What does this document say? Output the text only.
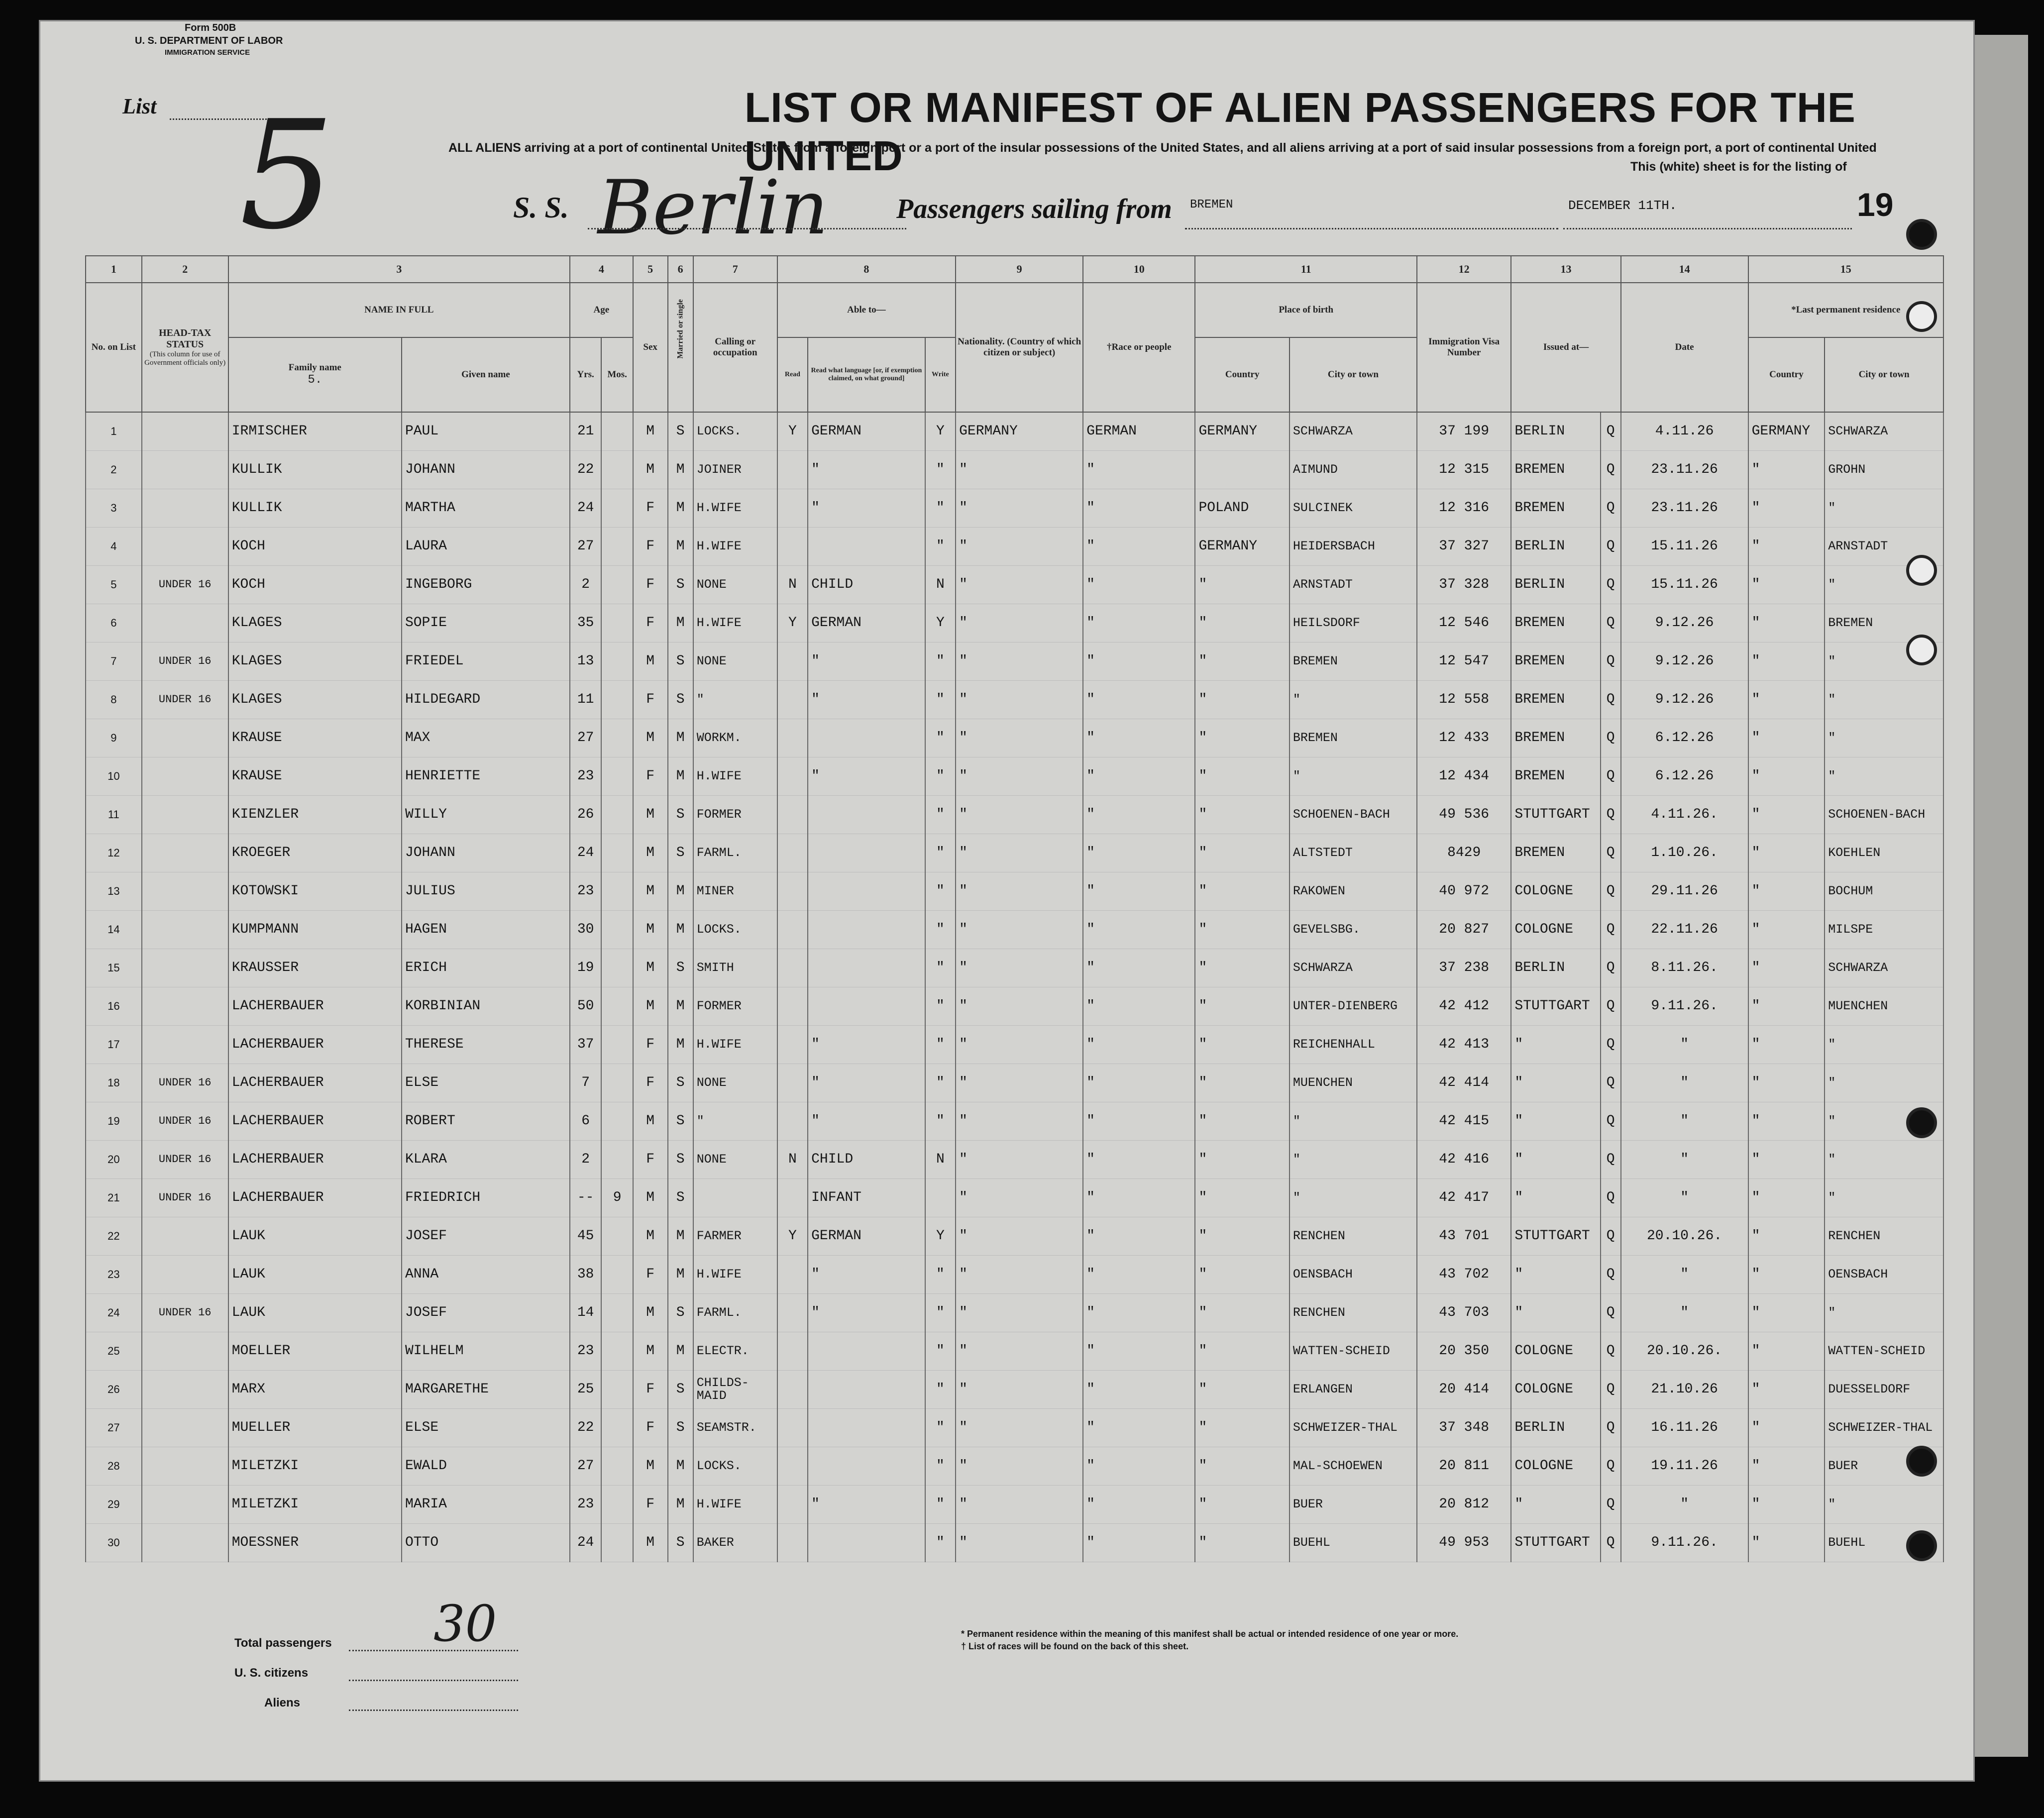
Form 500B
U. S. DEPARTMENT OF LABOR
IMMIGRATION SERVICE
List 5	LIST OR MANIFEST OF ALIEN PASSENGERS FOR THE UNITED
ALL ALIENS arriving at a port of continental United States from a foreign port or a port of the insular possessions of the United States, and all aliens arriving at a port of said insular possessions from a foreign port, a port of continental United
This (white) sheet is for the listing of
S. S. Berlin Passengers sailing from BREMEN	DECEMBER 11TH.	19
1	2	3		4		5	6	7	8			9	10	11		12	13		14	15	
No. on List	HEAD-TAX STATUS
(This column for use of Government officials only)	NAME IN FULL		Age		Sex	Married or single	Calling or occupation	Able to—			Nationality. (Country of which citizen or subject)	†Race or people	Place of birth		Immigration Visa Number	Issued at—		Date	*Last permanent residence	

		Family name
5.	Given name	Yrs.	Mos.				Read	Read what language [or, if exemption claimed, on what ground]	Write			Country	City or town					Country	City or town
1		IRMISCHER	PAUL	21		M	S	LOCKS.	Y	GERMAN	Y	GERMANY	GERMAN	GERMANY	SCHWARZA	37 199	BERLIN	Q	4.11.26	GERMANY	SCHWARZA
2		KULLIK	JOHANN	22		M	M	JOINER		"	"	"	"		AIMUND	12 315	BREMEN	Q	23.11.26	"	GROHN
3		KULLIK	MARTHA	24		F	M	H.WIFE		"	"	"	"	POLAND	SULCINEK	12 316	BREMEN	Q	23.11.26	"	"
4		KOCH	LAURA	27		F	M	H.WIFE			"	"	"	GERMANY	HEIDERSBACH	37 327	BERLIN	Q	15.11.26	"	ARNSTADT
5	UNDER 16	KOCH	INGEBORG	2		F	S	NONE	N	CHILD	N	"	"	"	ARNSTADT	37 328	BERLIN	Q	15.11.26	"	"
6		KLAGES	SOPIE	35		F	M	H.WIFE	Y	GERMAN	Y	"	"	"	HEILSDORF	12 546	BREMEN	Q	9.12.26	"	BREMEN
7	UNDER 16	KLAGES	FRIEDEL	13		M	S	NONE		"	"	"	"	"	BREMEN	12 547	BREMEN	Q	9.12.26	"	"
8	UNDER 16	KLAGES	HILDEGARD	11		F	S	"		"	"	"	"	"	"	12 558	BREMEN	Q	9.12.26	"	"
9		KRAUSE	MAX	27		M	M	WORKM.			"	"	"	"	BREMEN	12 433	BREMEN	Q	6.12.26	"	"
10		KRAUSE	HENRIETTE	23		F	M	H.WIFE		"	"	"	"	"	"	12 434	BREMEN	Q	6.12.26	"	"
11		KIENZLER	WILLY	26		M	S	FORMER			"	"	"	"	SCHOENEN-BACH	49 536	STUTTGART	Q	4.11.26.	"	SCHOENEN-BACH
12		KROEGER	JOHANN	24		M	S	FARML.			"	"	"	"	ALTSTEDT	8429	BREMEN	Q	1.10.26.	"	KOEHLEN
13		KOTOWSKI	JULIUS	23		M	M	MINER			"	"	"	"	RAKOWEN	40 972	COLOGNE	Q	29.11.26	"	BOCHUM
14		KUMPMANN	HAGEN	30		M	M	LOCKS.			"	"	"	"	GEVELSBG.	20 827	COLOGNE	Q	22.11.26	"	MILSPE
15		KRAUSSER	ERICH	19		M	S	SMITH			"	"	"	"	SCHWARZA	37 238	BERLIN	Q	8.11.26.	"	SCHWARZA
16		LACHERBAUER	KORBINIAN	50		M	M	FORMER			"	"	"	"	UNTER-DIENBERG	42 412	STUTTGART	Q	9.11.26.	"	MUENCHEN
17		LACHERBAUER	THERESE	37		F	M	H.WIFE		"	"	"	"	"	REICHENHALL	42 413	"	Q	"	"	"
18	UNDER 16	LACHERBAUER	ELSE	7		F	S	NONE		"	"	"	"	"	MUENCHEN	42 414	"	Q	"	"	"
19	UNDER 16	LACHERBAUER	ROBERT	6		M	S	"		"	"	"	"	"	"	42 415	"	Q	"	"	"
20	UNDER 16	LACHERBAUER	KLARA	2		F	S	NONE	N	CHILD	N	"	"	"	"	42 416	"	Q	"	"	"
21	UNDER 16	LACHERBAUER	FRIEDRICH	--	9	M	S			INFANT		"	"	"	"	42 417	"	Q	"	"	"
22		LAUK	JOSEF	45		M	M	FARMER	Y	GERMAN	Y	"	"	"	RENCHEN	43 701	STUTTGART	Q	20.10.26.	"	RENCHEN
23		LAUK	ANNA	38		F	M	H.WIFE		"	"	"	"	"	OENSBACH	43 702	"	Q	"	"	OENSBACH
24	UNDER 16	LAUK	JOSEF	14		M	S	FARML.		"	"	"	"	"	RENCHEN	43 703	"	Q	"	"	"
25		MOELLER	WILHELM	23		M	M	ELECTR.			"	"	"	"	WATTEN-SCHEID	20 350	COLOGNE	Q	20.10.26.	"	WATTEN-SCHEID
26		MARX	MARGARETHE	25		F	S	CHILDS-MAID			"	"	"	"	ERLANGEN	20 414	COLOGNE	Q	21.10.26	"	DUESSELDORF
27		MUELLER	ELSE	22		F	S	SEAMSTR.			"	"	"	"	SCHWEIZER-THAL	37 348	BERLIN	Q	16.11.26	"	SCHWEIZER-THAL
28		MILETZKI	EWALD	27		M	M	LOCKS.			"	"	"	"	MAL-SCHOEWEN	20 811	COLOGNE	Q	19.11.26	"	BUER
29		MILETZKI	MARIA	23		F	M	H.WIFE		"	"	"	"	"	BUER	20 812	"	Q	"	"	"
30		MOESSNER	OTTO	24		M	S	BAKER			"	"	"	"	BUEHL	49 953	STUTTGART	Q	9.11.26.	"	BUEHL
Total passengers 30
U. S. citizens
Aliens
* Permanent residence within the meaning of this manifest shall be actual or intended residence of one year or more.
† List of races will be found on the back of this sheet.
